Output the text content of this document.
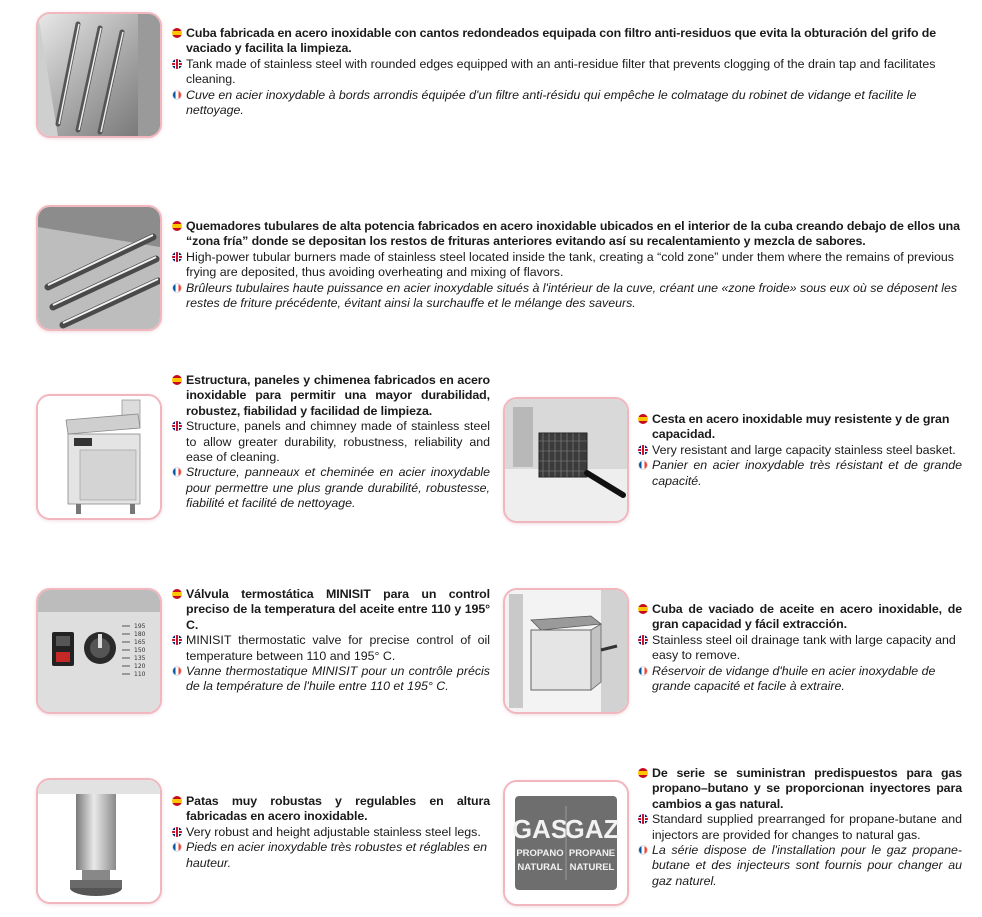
Cuba fabricada en acero inoxidable con cantos redondeados equipada con filtro anti-residuos que evita la obturación del grifo de vaciado y facilita la limpieza.

Tank made of stainless steel with rounded edges equipped with an anti-residue filter that prevents clogging of the drain tap and facilitates cleaning.

Cuve en acier inoxydable à bords arrondis équipée d'un filtre anti-résidu qui empêche le colmatage du robinet de vidange et facilite le nettoyage.

Quemadores tubulares de alta potencia fabricados en acero inoxidable ubicados en el interior de la cuba creando debajo de ellos una “zona fría” donde se depositan los restos de frituras anteriores evitando así su recalentamiento y mezcla de sabores.

High-power tubular burners made of stainless steel located inside the tank, creating a “cold zone” under them where the remains of previous frying are deposited, thus avoiding overheating and mixing of flavors.

Brûleurs tubulaires haute puissance en acier inoxydable situés à l'intérieur de la cuve, créant une «zone froide» sous eux où se déposent les restes de friture précédente, évitant ainsi la surchauffe et le mélange des saveurs.

Estructura, paneles y chimenea fabricados en acero inoxidable para permitir una mayor durabilidad, robustez, fiabilidad y facilidad de limpieza.

Structure, panels and chimney made of stainless steel to allow greater durability, robustness, reliability and ease of cleaning.

Structure, panneaux et cheminée en acier inoxydable pour permettre une plus grande durabilité, robustesse, fiabilité et facilité de nettoyage.

Cesta en acero inoxidable muy resistente y de gran capacidad.

Very resistant and large capacity stainless steel basket.

Panier en acier inoxydable très résistant et de grande capacité.

195
180
165
150
135
120
110

Válvula termostática MINISIT para un control preciso de la temperatura del aceite entre 110 y 195° C.

MINISIT thermostatic valve for precise control of oil temperature between 110 and 195° C.

Vanne thermostatique MINISIT pour un contrôle précis de la température de l'huile entre 110 et 195° C.

Cuba de vaciado de aceite en acero inoxidable, de gran capacidad y fácil extracción.

Stainless steel oil drainage tank with large capacity and easy to remove.

Réservoir de vidange d'huile en acier inoxydable de grande capacité et facile à extraire.

Patas muy robustas y regulables en altura fabricadas en acero inoxidable.

Very robust and height adjustable stainless steel legs.

Pieds en acier inoxydable très robustes et réglables en hauteur.

GAS
GAZ
PROPANO
NATURAL
PROPANE
NATUREL

De serie se suministran predispuestos para gas propano–butano y se proporcionan inyectores para cambios a gas natural.

Standard supplied prearranged for propane-butane and injectors are provided for changes to natural gas.

La série dispose de l'installation pour le gaz propane-butane et des injecteurs sont fournis pour changer au gaz naturel.
